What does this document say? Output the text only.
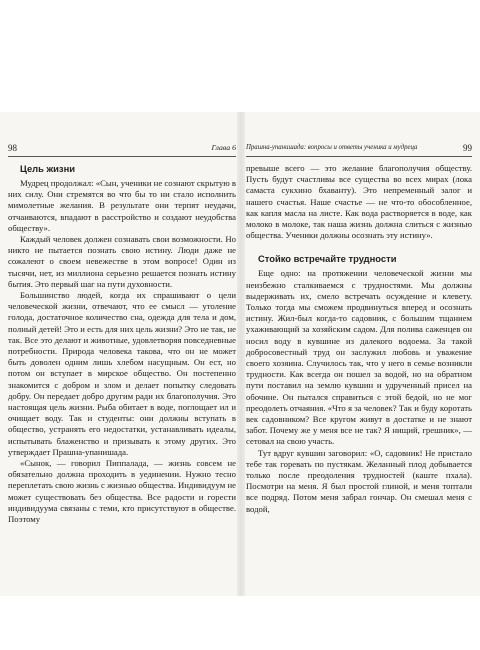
98	Глава 6
Цель жизни

Мудрец продолжал: «Сын, ученики не сознают скрытую в них силу. Они стремятся во что бы то ни стало исполнить мимолетные желания. В результате они терпят неудачи, отчаиваются, впадают в расстройство и создают неудобства обществу».

Каждый человек должен сознавать свои возможности. Но никто не пытается познать свою истину. Люди даже не сожалеют о своем невежестве в этом вопросе! Один из тысячи, нет, из миллиона серьезно решается познать истину бытия. Это первый шаг на пути духовности.

Большинство людей, когда их спрашивают о цели человеческой жизни, отвечают, что ее смысл — утоление голода, достаточное количество сна, одежда для тела и дом, полный детей! Это и есть для них цель жизни? Это не так, не так. Все это делают и животные, удовлетворяя повседневные потребности. Природа человека такова, что он не может быть доволен одним лишь хлебом насущным. Он ест, но потом он вступает в мирское общество. Он постепенно знакомится с добром и злом и делает попытку следовать добру. Он передает добро другим ради их благополучия. Это настоящая цель жизни. Рыба обитает в воде, поглощает ил и очищает воду. Так и студенты: они должны вступать в общество, устранять его недостатки, устанавливать идеалы, испытывать блаженство и призывать к этому других. Это утверждает Прашна-упанишада.

«Сынок, — говорил Пиппалада, — жизнь совсем не обязательно должна проходить в уединении. Нужно тесно переплетать свою жизнь с жизнью общества. Индивидуум не может существовать без общества. Все радости и горести индивидуума связаны с теми, кто присутствуют в обществе. Поэтому

Прашна-упанишада: вопросы и ответы ученика и мудреца	99

превыше всего — это желание благополучия обществу. Пусть будут счастливы все существа во всех мирах (лока самаста сукхино бхаванту). Это непременный залог и нашего счастья. Наше счастье — не что-то обособленное, как капля масла на листе. Как вода растворяется в воде, как молоко в молоке, так наша жизнь должна слиться с жизнью общества. Ученики должны осознать эту истину».

Стойко встречайте трудности

Еще одно: на протяжении человеческой жизни мы неизбежно сталкиваемся с трудностями. Мы должны выдерживать их, смело встречать осуждение и клевету. Только тогда мы сможем продвинуться вперед и осознать истину. Жил-был когда-то садовник, с большим тщанием ухаживающий за хозяйским садом. Для полива саженцев он носил воду в кувшине из далекого водоема. За такой добросовестный труд он заслужил любовь и уважение своего хозяина. Случилось так, что у него в семье возникли трудности. Как всегда он пошел за водой, но на обратном пути поставил на землю кувшин и удрученный присел на обочине. Он пытался справиться с этой бедой, но не мог преодолеть отчаяния. «Что я за человек? Так и буду коротать век садовником? Все кругом живут в достатке и не знают забот. Почему же у меня все не так? Я нищий, грешник», — сетовал на свою участь.

Тут вдруг кувшин заговорил: «О, садовник! Не пристало тебе так горевать по пустякам. Желанный плод добывается только после преодоления трудностей (каште пхала). Посмотри на меня. Я был простой глиной, и меня топтали все подряд. Потом меня забрал гончар. Он смешал меня с водой,
